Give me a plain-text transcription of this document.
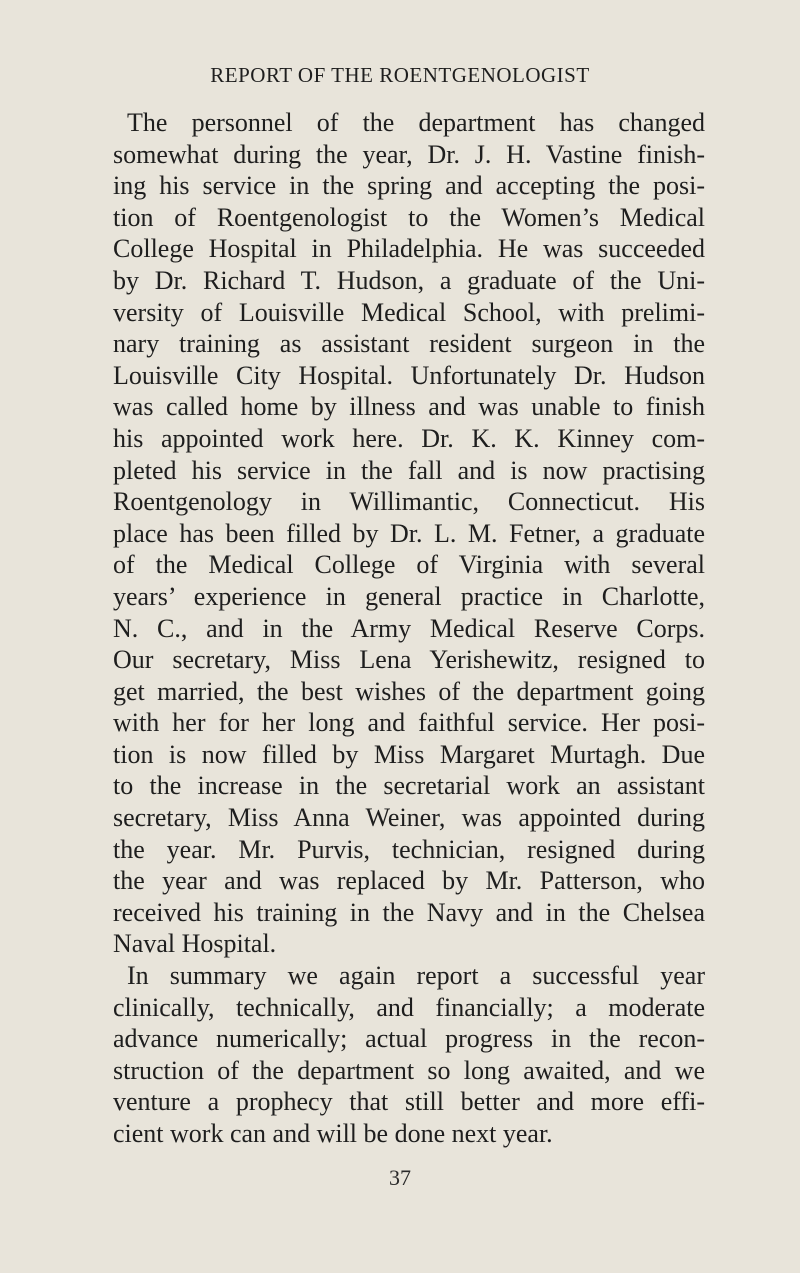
REPORT OF THE ROENTGENOLOGIST
The personnel of the department has changed
somewhat during the year, Dr. J. H. Vastine finish-
ing his service in the spring and accepting the posi-
tion of Roentgenologist to the Women’s Medical
College Hospital in Philadelphia. He was succeeded
by Dr. Richard T. Hudson, a graduate of the Uni-
versity of Louisville Medical School, with prelimi-
nary training as assistant resident surgeon in the
Louisville City Hospital. Unfortunately Dr. Hudson
was called home by illness and was unable to finish
his appointed work here. Dr. K. K. Kinney com-
pleted his service in the fall and is now practising
Roentgenology in Willimantic, Connecticut. His
place has been filled by Dr. L. M. Fetner, a graduate
of the Medical College of Virginia with several
years’ experience in general practice in Charlotte,
N. C., and in the Army Medical Reserve Corps.
Our secretary, Miss Lena Yerishewitz, resigned to
get married, the best wishes of the department going
with her for her long and faithful service. Her posi-
tion is now filled by Miss Margaret Murtagh. Due
to the increase in the secretarial work an assistant
secretary, Miss Anna Weiner, was appointed during
the year. Mr. Purvis, technician, resigned during
the year and was replaced by Mr. Patterson, who
received his training in the Navy and in the Chelsea
Naval Hospital.
In summary we again report a successful year
clinically, technically, and financially; a moderate
advance numerically; actual progress in the recon-
struction of the department so long awaited, and we
venture a prophecy that still better and more effi-
cient work can and will be done next year.
37
